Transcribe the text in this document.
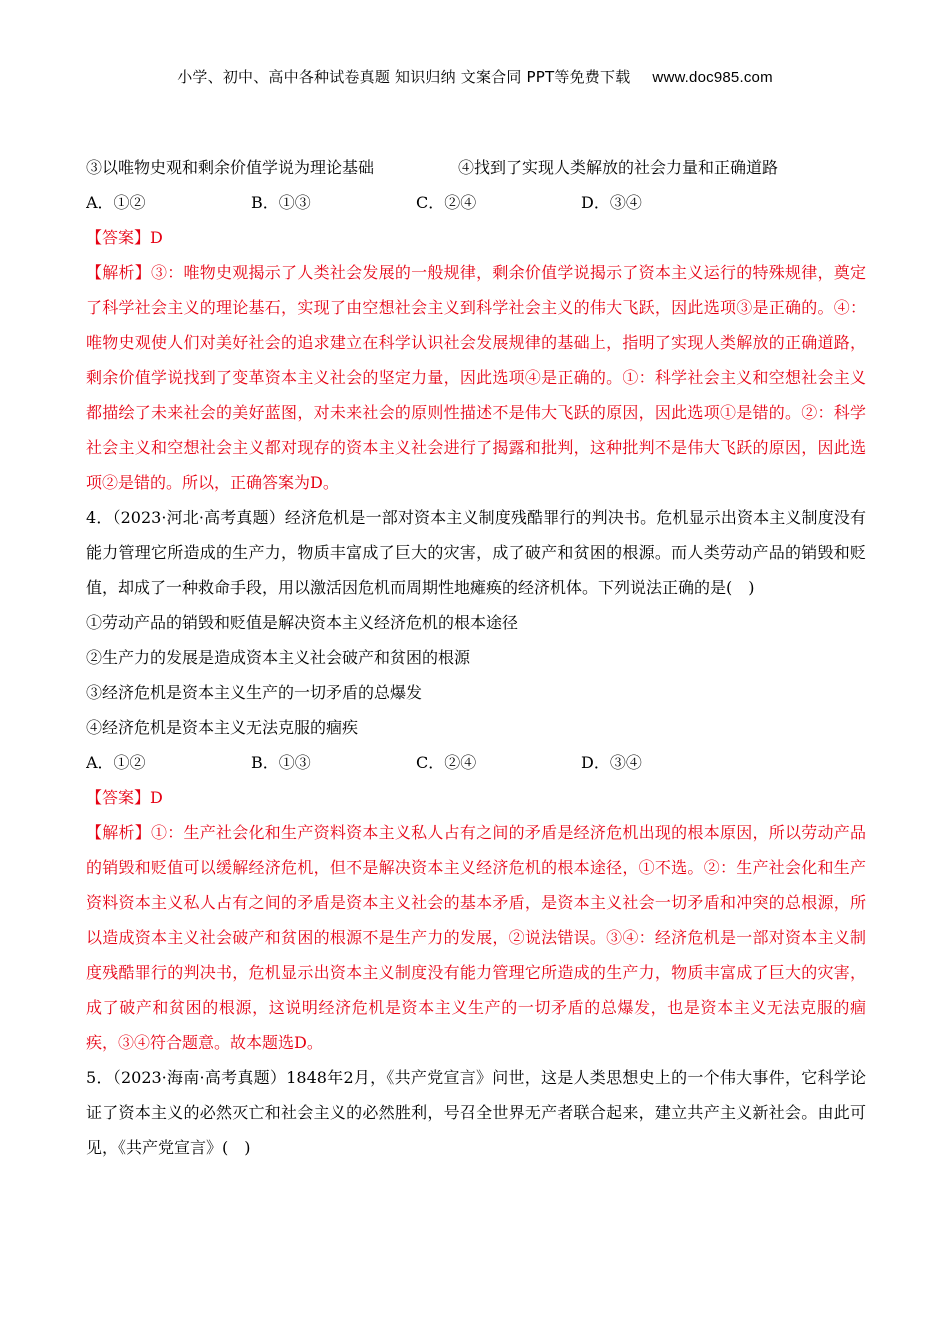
小学、初中、高中各种试卷真题 知识归纳 文案合同 PPT等免费下载 www.doc985.com
③以唯物史观和剩余价值学说为理论基础	④找到了实现人类解放的社会力量和正确道路
A．①②	B．①③	C．②④	D．③④
【答案】D
【解析】③：唯物史观揭示了人类社会发展的一般规律，剩余价值学说揭示了资本主义运行的特殊规律，奠定了科学社会主义的理论基石，实现了由空想社会主义到科学社会主义的伟大飞跃，因此选项③是正确的。④：唯物史观使人们对美好社会的追求建立在科学认识社会发展规律的基础上，指明了实现人类解放的正确道路，剩余价值学说找到了变革资本主义社会的坚定力量，因此选项④是正确的。①：科学社会主义和空想社会主义都描绘了未来社会的美好蓝图，对未来社会的原则性描述不是伟大飞跃的原因，因此选项①是错的。②：科学社会主义和空想社会主义都对现存的资本主义社会进行了揭露和批判，这种批判不是伟大飞跃的原因，因此选项②是错的。所以，正确答案为D。
4．（2023·河北·高考真题）经济危机是一部对资本主义制度残酷罪行的判决书。危机显示出资本主义制度没有能力管理它所造成的生产力，物质丰富成了巨大的灾害，成了破产和贫困的根源。而人类劳动产品的销毁和贬值，却成了一种救命手段，用以激活因危机而周期性地瘫痪的经济机体。下列说法正确的是(　)
①劳动产品的销毁和贬值是解决资本主义经济危机的根本途径
②生产力的发展是造成资本主义社会破产和贫困的根源
③经济危机是资本主义生产的一切矛盾的总爆发
④经济危机是资本主义无法克服的痼疾
A．①②	B．①③	C．②④	D．③④
【答案】D
【解析】①：生产社会化和生产资料资本主义私人占有之间的矛盾是经济危机出现的根本原因，所以劳动产品的销毁和贬值可以缓解经济危机，但不是解决资本主义经济危机的根本途径，①不选。②：生产社会化和生产资料资本主义私人占有之间的矛盾是资本主义社会的基本矛盾，是资本主义社会一切矛盾和冲突的总根源，所以造成资本主义社会破产和贫困的根源不是生产力的发展，②说法错误。③④：经济危机是一部对资本主义制度残酷罪行的判决书，危机显示出资本主义制度没有能力管理它所造成的生产力，物质丰富成了巨大的灾害，成了破产和贫困的根源，这说明经济危机是资本主义生产的一切矛盾的总爆发，也是资本主义无法克服的痼疾，③④符合题意。故本题选D。
5．（2023·海南·高考真题）1848年2月，《共产党宣言》问世，这是人类思想史上的一个伟大事件，它科学论证了资本主义的必然灭亡和社会主义的必然胜利，号召全世界无产者联合起来，建立共产主义新社会。由此可见，《共产党宣言》(　)
